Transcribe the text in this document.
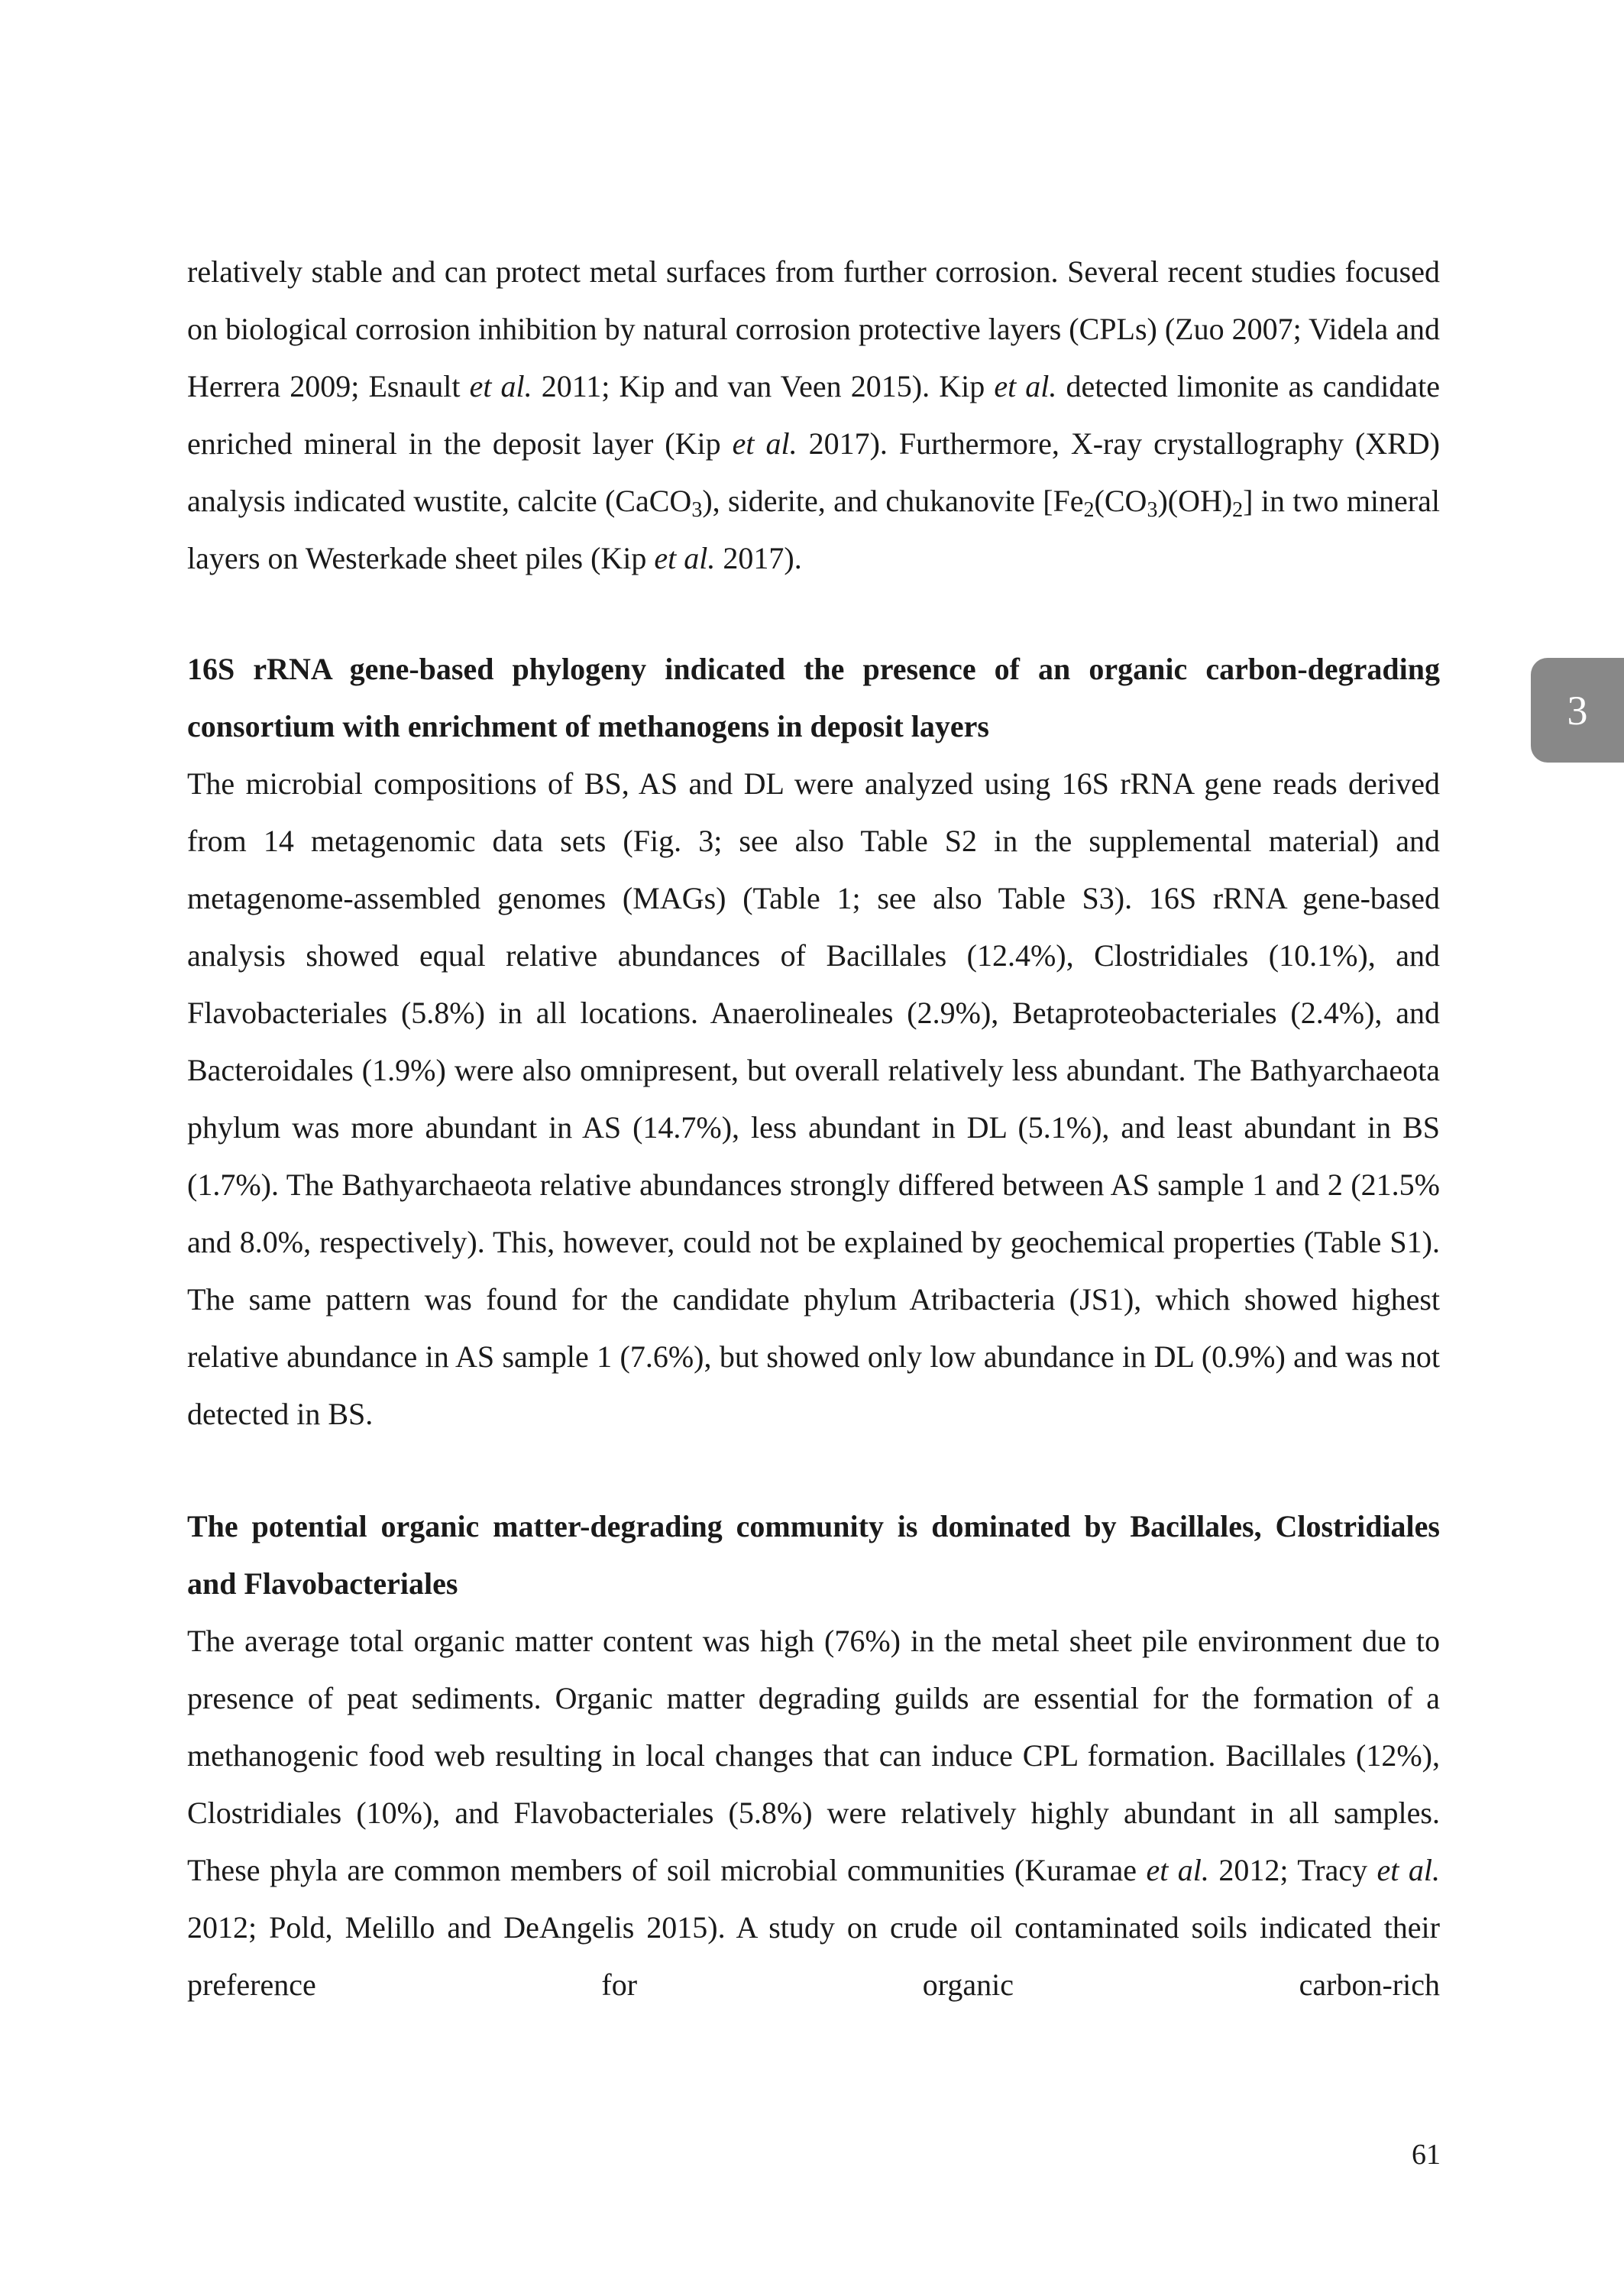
relatively stable and can protect metal surfaces from further corrosion. Several recent studies focused on biological corrosion inhibition by natural corrosion protective layers (CPLs) (Zuo 2007; Videla and Herrera 2009; Esnault et al. 2011; Kip and van Veen 2015). Kip et al. detected limonite as candidate enriched mineral in the deposit layer (Kip et al. 2017). Furthermore, X-ray crystallography (XRD) analysis indicated wustite, calcite (CaCO$_3$), siderite, and chukanovite $[Fe_2(CO_3)(OH)_2]$ in two mineral layers on Westerkade sheet piles (Kip et al. 2017).

16S rRNA gene-based phylogeny indicated the presence of an organic carbon-degrading consortium with enrichment of methanogens in deposit layers

The microbial compositions of BS, AS and DL were analyzed using 16S rRNA gene reads derived from 14 metagenomic data sets (Fig. 3; see also Table S2 in the supplemental material) and metagenome-assembled genomes (MAGs) (Table 1; see also Table S3). 16S rRNA gene-based analysis showed equal relative abundances of Bacillales (12.4%), Clostridiales (10.1%), and Flavobacteriales (5.8%) in all locations. Anaerolineales (2.9%), Betaproteobacteriales (2.4%), and Bacteroidales (1.9%) were also omnipresent, but overall relatively less abundant. The Bathyarchaeota phylum was more abundant in AS (14.7%), less abundant in DL (5.1%), and least abundant in BS (1.7%). The Bathyarchaeota relative abundances strongly differed between AS sample 1 and 2 (21.5% and 8.0%, respectively). This, however, could not be explained by geochemical properties (Table S1). The same pattern was found for the candidate phylum Atribacteria (JS1), which showed highest relative abundance in AS sample 1 (7.6%), but showed only low abundance in DL (0.9%) and was not detected in BS.

The potential organic matter-degrading community is dominated by Bacillales, Clostridiales and Flavobacteriales

The average total organic matter content was high (76%) in the metal sheet pile environment due to presence of peat sediments. Organic matter degrading guilds are essential for the formation of a methanogenic food web resulting in local changes that can induce CPL formation. Bacillales (12%), Clostridiales (10%), and Flavobacteriales (5.8%) were relatively highly abundant in all samples. These phyla are common members of soil microbial communities (Kuramae et al. 2012; Tracy et al. 2012; Pold, Melillo and DeAngelis 2015). A study on crude oil contaminated soils indicated their preference for organic carbon-rich

3
61
